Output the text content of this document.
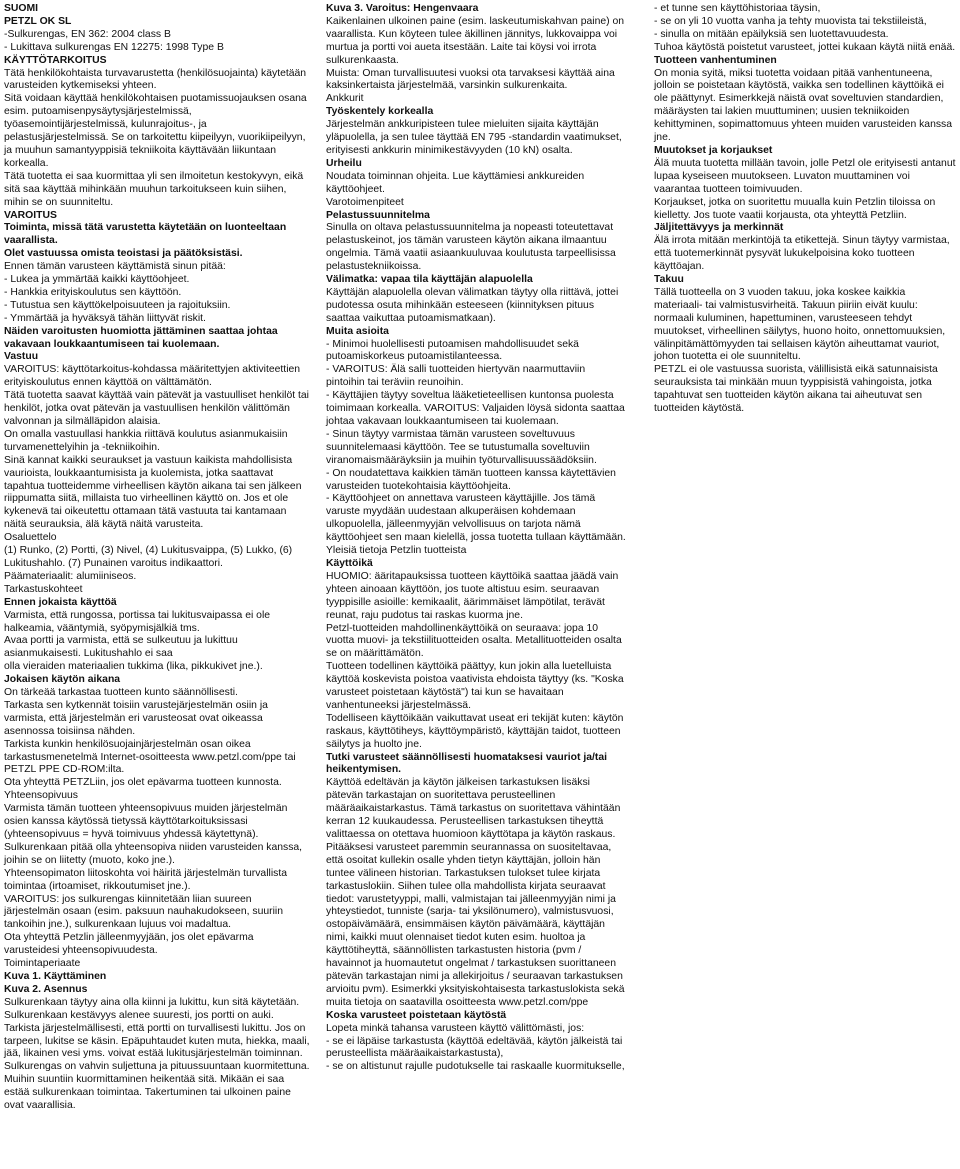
SUOMI

PETZL OK SL

-Sulkurengas, EN 362: 2004 class B

- Lukittava sulkurengas EN 12275: 1998 Type B

KÄYTTÖTARKOITUS

Tätä henkilökohtaista turvavarustetta (henkilösuojainta) käytetään varusteiden kytkemiseksi yhteen.

Sitä voidaan käyttää henkilökohtaisen puotamissuojauksen osana esim. putoamisenpysäytysjärjestelmissä, työasemointijärjestelmissä, kulunrajoitus-, ja pelastusjärjestelmissä. Se on tarkoitettu kiipeilyyn, vuorikiipeilyyn, ja muuhun samantyyppisiä tekniikoita käyttävään liikuntaan korkealla.

Tätä tuotetta ei saa kuormittaa yli sen ilmoitetun kestokyvyn, eikä sitä saa käyttää mihinkään muuhun tarkoitukseen kuin siihen, mihin se on suunniteltu.

VAROITUS

Toiminta, missä tätä varustetta käytetään on luonteeltaan vaarallista.

Olet vastuussa omista teoistasi ja päätöksistäsi.

Ennen tämän varusteen käyttämistä sinun pitää:

- Lukea ja ymmärtää kaikki käyttöohjeet.

- Hankkia erityiskoulutus sen käyttöön.

- Tutustua sen käyttökelpoisuuteen ja rajoituksiin.

- Ymmärtää ja hyväksyä tähän liittyvät riskit.

Näiden varoitusten huomiotta jättäminen saattaa johtaa vakavaan loukkaantumiseen tai kuolemaan.

Vastuu

VAROITUS: käyttötarkoitus-kohdassa määritettyjen aktiviteettien erityiskoulutus ennen käyttöä on välttämätön.

Tätä tuotetta saavat käyttää vain pätevät ja vastuulliset henkilöt tai henkilöt, jotka ovat pätevän ja vastuullisen henkilön välittömän valvonnan ja silmälläpidon alaisia.

On omalla vastuullasi hankkia riittävä koulutus asianmukaisiin turvamenettelyihin ja -tekniikoihin.

Sinä kannat kaikki seuraukset ja vastuun kaikista mahdollisista vaurioista, loukkaantumisista ja kuolemista, jotka saattavat tapahtua tuotteidemme virheellisen käytön aikana tai sen jälkeen riippumatta siitä, millaista tuo virheellinen käyttö on. Jos et ole kykenevä tai oikeutettu ottamaan tätä vastuuta tai kantamaan näitä seurauksia, älä käytä näitä varusteita.

Osaluettelo

(1) Runko, (2) Portti, (3) Nivel, (4) Lukitusvaippa, (5) Lukko, (6) Lukitushahlo. (7) Punainen varoitus indikaattori.

Päämateriaalit: alumiiniseos.

Tarkastuskohteet

Ennen jokaista käyttöä

Varmista, että rungossa, portissa tai lukitusvaipassa ei ole halkeamia, vääntymiä, syöpymisjälkiä tms.

Avaa portti ja varmista, että se sulkeutuu ja lukittuu asianmukaisesti. Lukitushahlo ei saa

olla vieraiden materiaalien tukkima (lika, pikkukivet jne.).

Jokaisen käytön aikana

On tärkeää tarkastaa tuotteen kunto säännöllisesti.

Tarkasta sen kytkennät toisiin varustejärjestelmän osiin ja varmista, että järjestelmän eri varusteosat ovat oikeassa asennossa toisiinsa nähden.

Tarkista kunkin henkilösuojainjärjestelmän osan oikea tarkastusmenetelmä Internet-osoitteesta www.petzl.com/ppe tai PETZL PPE CD-ROM:ilta.

Ota yhteyttä PETZLiin, jos olet epävarma tuotteen kunnosta.

Yhteensopivuus

Varmista tämän tuotteen yhteensopivuus muiden järjestelmän osien kanssa käytössä tietyssä käyttötarkoituksissasi (yhteensopivuus = hyvä toimivuus yhdessä käytettynä).

Sulkurenkaan pitää olla yhteensopiva niiden varusteiden kanssa, joihin se on liitetty (muoto, koko jne.).

Yhteensopimaton liitoskohta voi häiritä järjestelmän turvallista toimintaa (irtoamiset, rikkoutumiset jne.).

VAROITUS: jos sulkurengas kiinnitetään liian suureen järjestelmän osaan (esim. paksuun nauhakudokseen, suuriin tankoihin jne.), sulkurenkaan lujuus voi madaltua.

Ota yhteyttä Petzlin jälleenmyyjään, jos olet epävarma varusteidesi yhteensopivuudesta.

Toimintaperiaate

Kuva 1. Käyttäminen

Kuva 2. Asennus

Sulkurenkaan täytyy aina olla kiinni ja lukittu, kun sitä käytetään.

Sulkurenkaan kestävyys alenee suuresti, jos portti on auki. Tarkista järjestelmällisesti, että portti on turvallisesti lukittu. Jos on tarpeen, lukitse se käsin. Epäpuhtaudet kuten muta, hiekka, maali, jää, likainen vesi yms. voivat estää lukitusjärjestelmän toiminnan.

Sulkurengas on vahvin suljettuna ja pituussuuntaan kuormitettuna. Muihin suuntiin kuormittaminen heikentää sitä. Mikään ei saa estää sulkurenkaan toimintaa. Takertuminen tai ulkoinen paine ovat vaarallisia.

Kuva 3. Varoitus: Hengenvaara

Kaikenlainen ulkoinen paine (esim. laskeutumiskahvan paine) on vaarallista. Kun köyteen tulee äkillinen jännitys, lukkovaippa voi murtua ja portti voi aueta itsestään. Laite tai köysi voi irrota sulkurenkaasta.

Muista: Oman turvallisuutesi vuoksi ota tarvaksesi käyttää aina kaksinkertaista järjestelmää, varsinkin sulkurenkaita.

Ankkurit

Työskentely korkealla

Järjestelmän ankkuripisteen tulee mieluiten sijaita käyttäjän yläpuolella, ja sen tulee täyttää EN 795 -standardin vaatimukset, erityisesti ankkurin minimikestävyyden (10 kN) osalta.

Urheilu

Noudata toiminnan ohjeita. Lue käyttämiesi ankkureiden käyttöohjeet.

Varotoimenpiteet

Pelastussuunnitelma

Sinulla on oltava pelastussuunnitelma ja nopeasti toteutettavat pelastuskeinot, jos tämän varusteen käytön aikana ilmaantuu ongelmia. Tämä vaatii asiaankuuluvaa koulutusta tarpeellisissa pelastustekniikoissa.

Välimatka: vapaa tila käyttäjän alapuolella

Käyttäjän alapuolella olevan välimatkan täytyy olla riittävä, jottei pudotessa osuta mihinkään esteeseen (kiinnityksen pituus saattaa vaikuttaa putoamismatkaan).

Muita asioita

- Minimoi huolellisesti putoamisen mahdollisuudet sekä putoamiskorkeus putoamistilanteessa.

- VAROITUS: Älä salli tuotteiden hiertyvän naarmuttaviin pintoihin tai teräviin reunoihin.

- Käyttäjien täytyy soveltua lääketieteellisen kuntonsa puolesta toimimaan korkealla. VAROITUS: Valjaiden löysä sidonta saattaa johtaa vakavaan loukkaantumiseen tai kuolemaan.

- Sinun täytyy varmistaa tämän varusteen soveltuvuus suunnitelemaasi käyttöön. Tee se tutustumalla soveltuviin viranomaismääräyksiin ja muihin työturvallisuussäädöksiin.

- On noudatettava kaikkien tämän tuotteen kanssa käytettävien varusteiden tuotekohtaisia käyttöohjeita.

- Käyttöohjeet on annettava varusteen käyttäjille. Jos tämä varuste myydään uudestaan alkuperäisen kohdemaan ulkopuolella, jälleenmyyjän velvollisuus on tarjota nämä käyttöohjeet sen maan kielellä, jossa tuotetta tullaan käyttämään.

Yleisiä tietoja Petzlin tuotteista

Käyttöikä

HUOMIO: ääritapauksissa tuotteen käyttöikä saattaa jäädä vain yhteen ainoaan käyttöön, jos tuote altistuu esim. seuraavan tyyppisille asioille: kemikaalit, äärimmäiset lämpötilat, terävät reunat, raju pudotus tai raskas kuorma jne.

Petzl-tuotteiden mahdollinenkäyttöikä on seuraava: jopa 10 vuotta muovi- ja tekstiilituotteiden osalta. Metallituotteiden osalta se on määrittämätön.

Tuotteen todellinen käyttöikä päättyy, kun jokin alla luetelluista käyttöä koskevista poistoa vaativista ehdoista täyttyy (ks. "Koska varusteet poistetaan käytöstä") tai kun se havaitaan vanhentuneeksi järjestelmässä.

Todelliseen käyttöikään vaikuttavat useat eri tekijät kuten: käytön raskaus, käyttötiheys, käyttöympäristö, käyttäjän taidot, tuotteen säilytys ja huolto jne.

Tutki varusteet säännöllisesti huomataksesi vauriot ja/tai heikentymisen.

Käyttöä edeltävän ja käytön jälkeisen tarkastuksen lisäksi pätevän tarkastajan on suoritettava perusteellinen määräaikaistarkastus. Tämä tarkastus on suoritettava vähintään kerran 12 kuukaudessa. Perusteellisen tarkastuksen tiheyttä valittaessa on otettava huomioon käyttötapa ja käytön raskaus. Pitääksesi varusteet paremmin seurannassa on suositeltavaa, että osoitat kullekin osalle yhden tietyn käyttäjän, jolloin hän tuntee välineen historian. Tarkastuksen tulokset tulee kirjata tarkastuslokiin. Siihen tulee olla mahdollista kirjata seuraavat tiedot: varustetyyppi, malli, valmistajan tai jälleenmyyjän nimi ja yhteystiedot, tunniste (sarja- tai yksilönumero), valmistusvuosi, ostopäivämäärä, ensimmäisen käytön päivämäärä, käyttäjän nimi, kaikki muut olennaiset tiedot kuten esim. huoltoa ja käyttötiheyttä, säännöllisten tarkastusten historia (pvm / havainnot ja huomautetut ongelmat / tarkastuksen suorittaneen pätevän tarkastajan nimi ja allekirjoitus / seuraavan tarkastuksen arvioitu pvm). Esimerkki yksityiskohtaisesta tarkastuslokista sekä muita tietoja on saatavilla osoitteesta www.petzl.com/ppe

Koska varusteet poistetaan käytöstä

Lopeta minkä tahansa varusteen käyttö välittömästi, jos:

- se ei läpäise tarkastusta (käyttöä edeltävää, käytön jälkeistä tai perusteellista määräaikaistarkastusta),

- se on altistunut rajulle pudotukselle tai raskaalle kuormitukselle,

- et tunne sen käyttöhistoriaa täysin,

- se on yli 10 vuotta vanha ja tehty muovista tai tekstiileistä,

- sinulla on mitään epäilyksiä sen luotettavuudesta.

Tuhoa käytöstä poistetut varusteet, jottei kukaan käytä niitä enää.

Tuotteen vanhentuminen

On monia syitä, miksi tuotetta voidaan pitää vanhentuneena, jolloin se poistetaan käytöstä, vaikka sen todellinen käyttöikä ei ole päättynyt. Esimerkkejä näistä ovat soveltuvien standardien, määräysten tai lakien muuttuminen; uusien tekniikoiden kehittyminen, sopimattomuus yhteen muiden varusteiden kanssa jne.

Muutokset ja korjaukset

Älä muuta tuotetta millään tavoin, jolle Petzl ole erityisesti antanut lupaa kyseiseen muutokseen. Luvaton muuttaminen voi vaarantaa tuotteen toimivuuden.

Korjaukset, jotka on suoritettu muualla kuin Petzlin tiloissa on kielletty. Jos tuote vaatii korjausta, ota yhteyttä Petzliin.

Jäljitettävyys ja merkinnät

Älä irrota mitään merkintöjä ta etikettejä. Sinun täytyy varmistaa, että tuotemerkinnät pysyvät lukukelpoisina koko tuotteen käyttöajan.

Takuu

Tällä tuotteella on 3 vuoden takuu, joka koskee kaikkia materiaali- tai valmistusvirheitä. Takuun piiriin eivät kuulu: normaali kuluminen, hapettuminen, varusteeseen tehdyt muutokset, virheellinen säilytys, huono hoito, onnettomuuksien, välinpitämättömyyden tai sellaisen käytön aiheuttamat vauriot, johon tuotetta ei ole suunniteltu.

PETZL ei ole vastuussa suorista, välillisistä eikä satunnaisista seurauksista tai minkään muun tyyppisistä vahingoista, jotka tapahtuvat sen tuotteiden käytön aikana tai aiheutuvat sen tuotteiden käytöstä.
